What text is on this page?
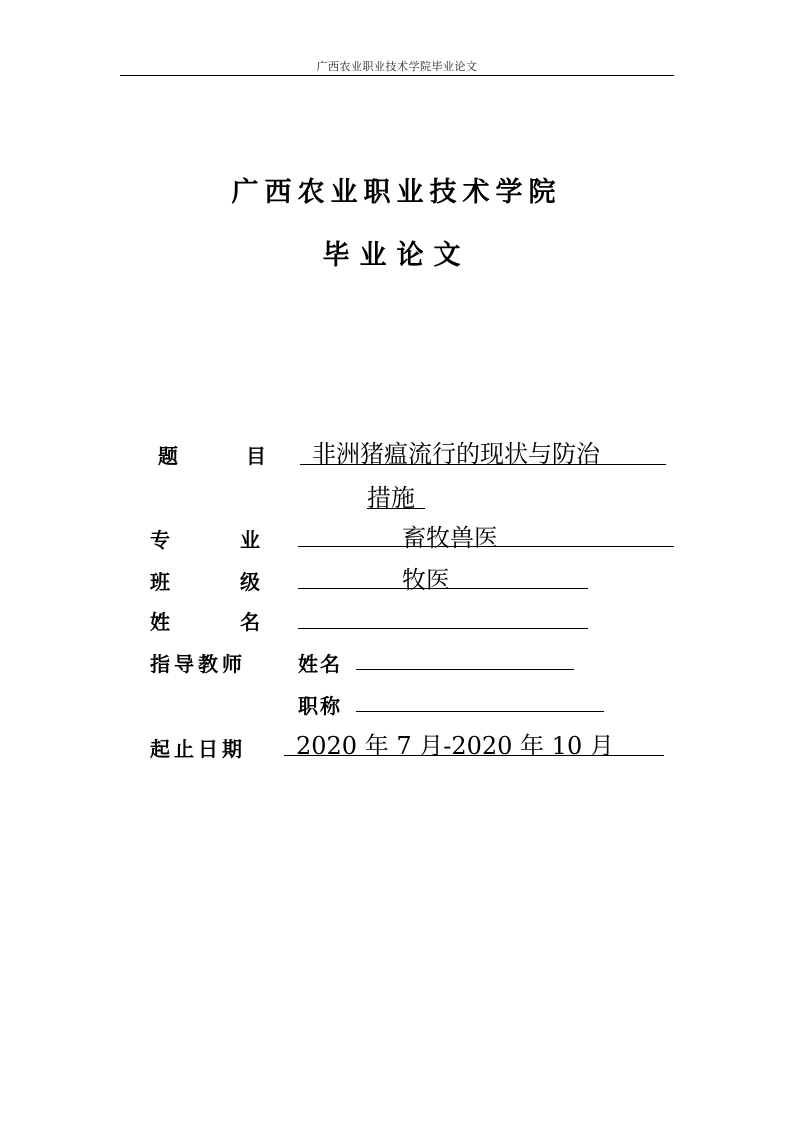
广西农业职业技术学院毕业论文
广西农业职业技术学院
毕业论文
题	目 非洲猪瘟流行的现状与防治
措施
专	业	畜牧兽医
班	级	牧医
姓	名
指导教师	姓名
职称
起止日期 2020 年 7 月-2020 年 10 月
